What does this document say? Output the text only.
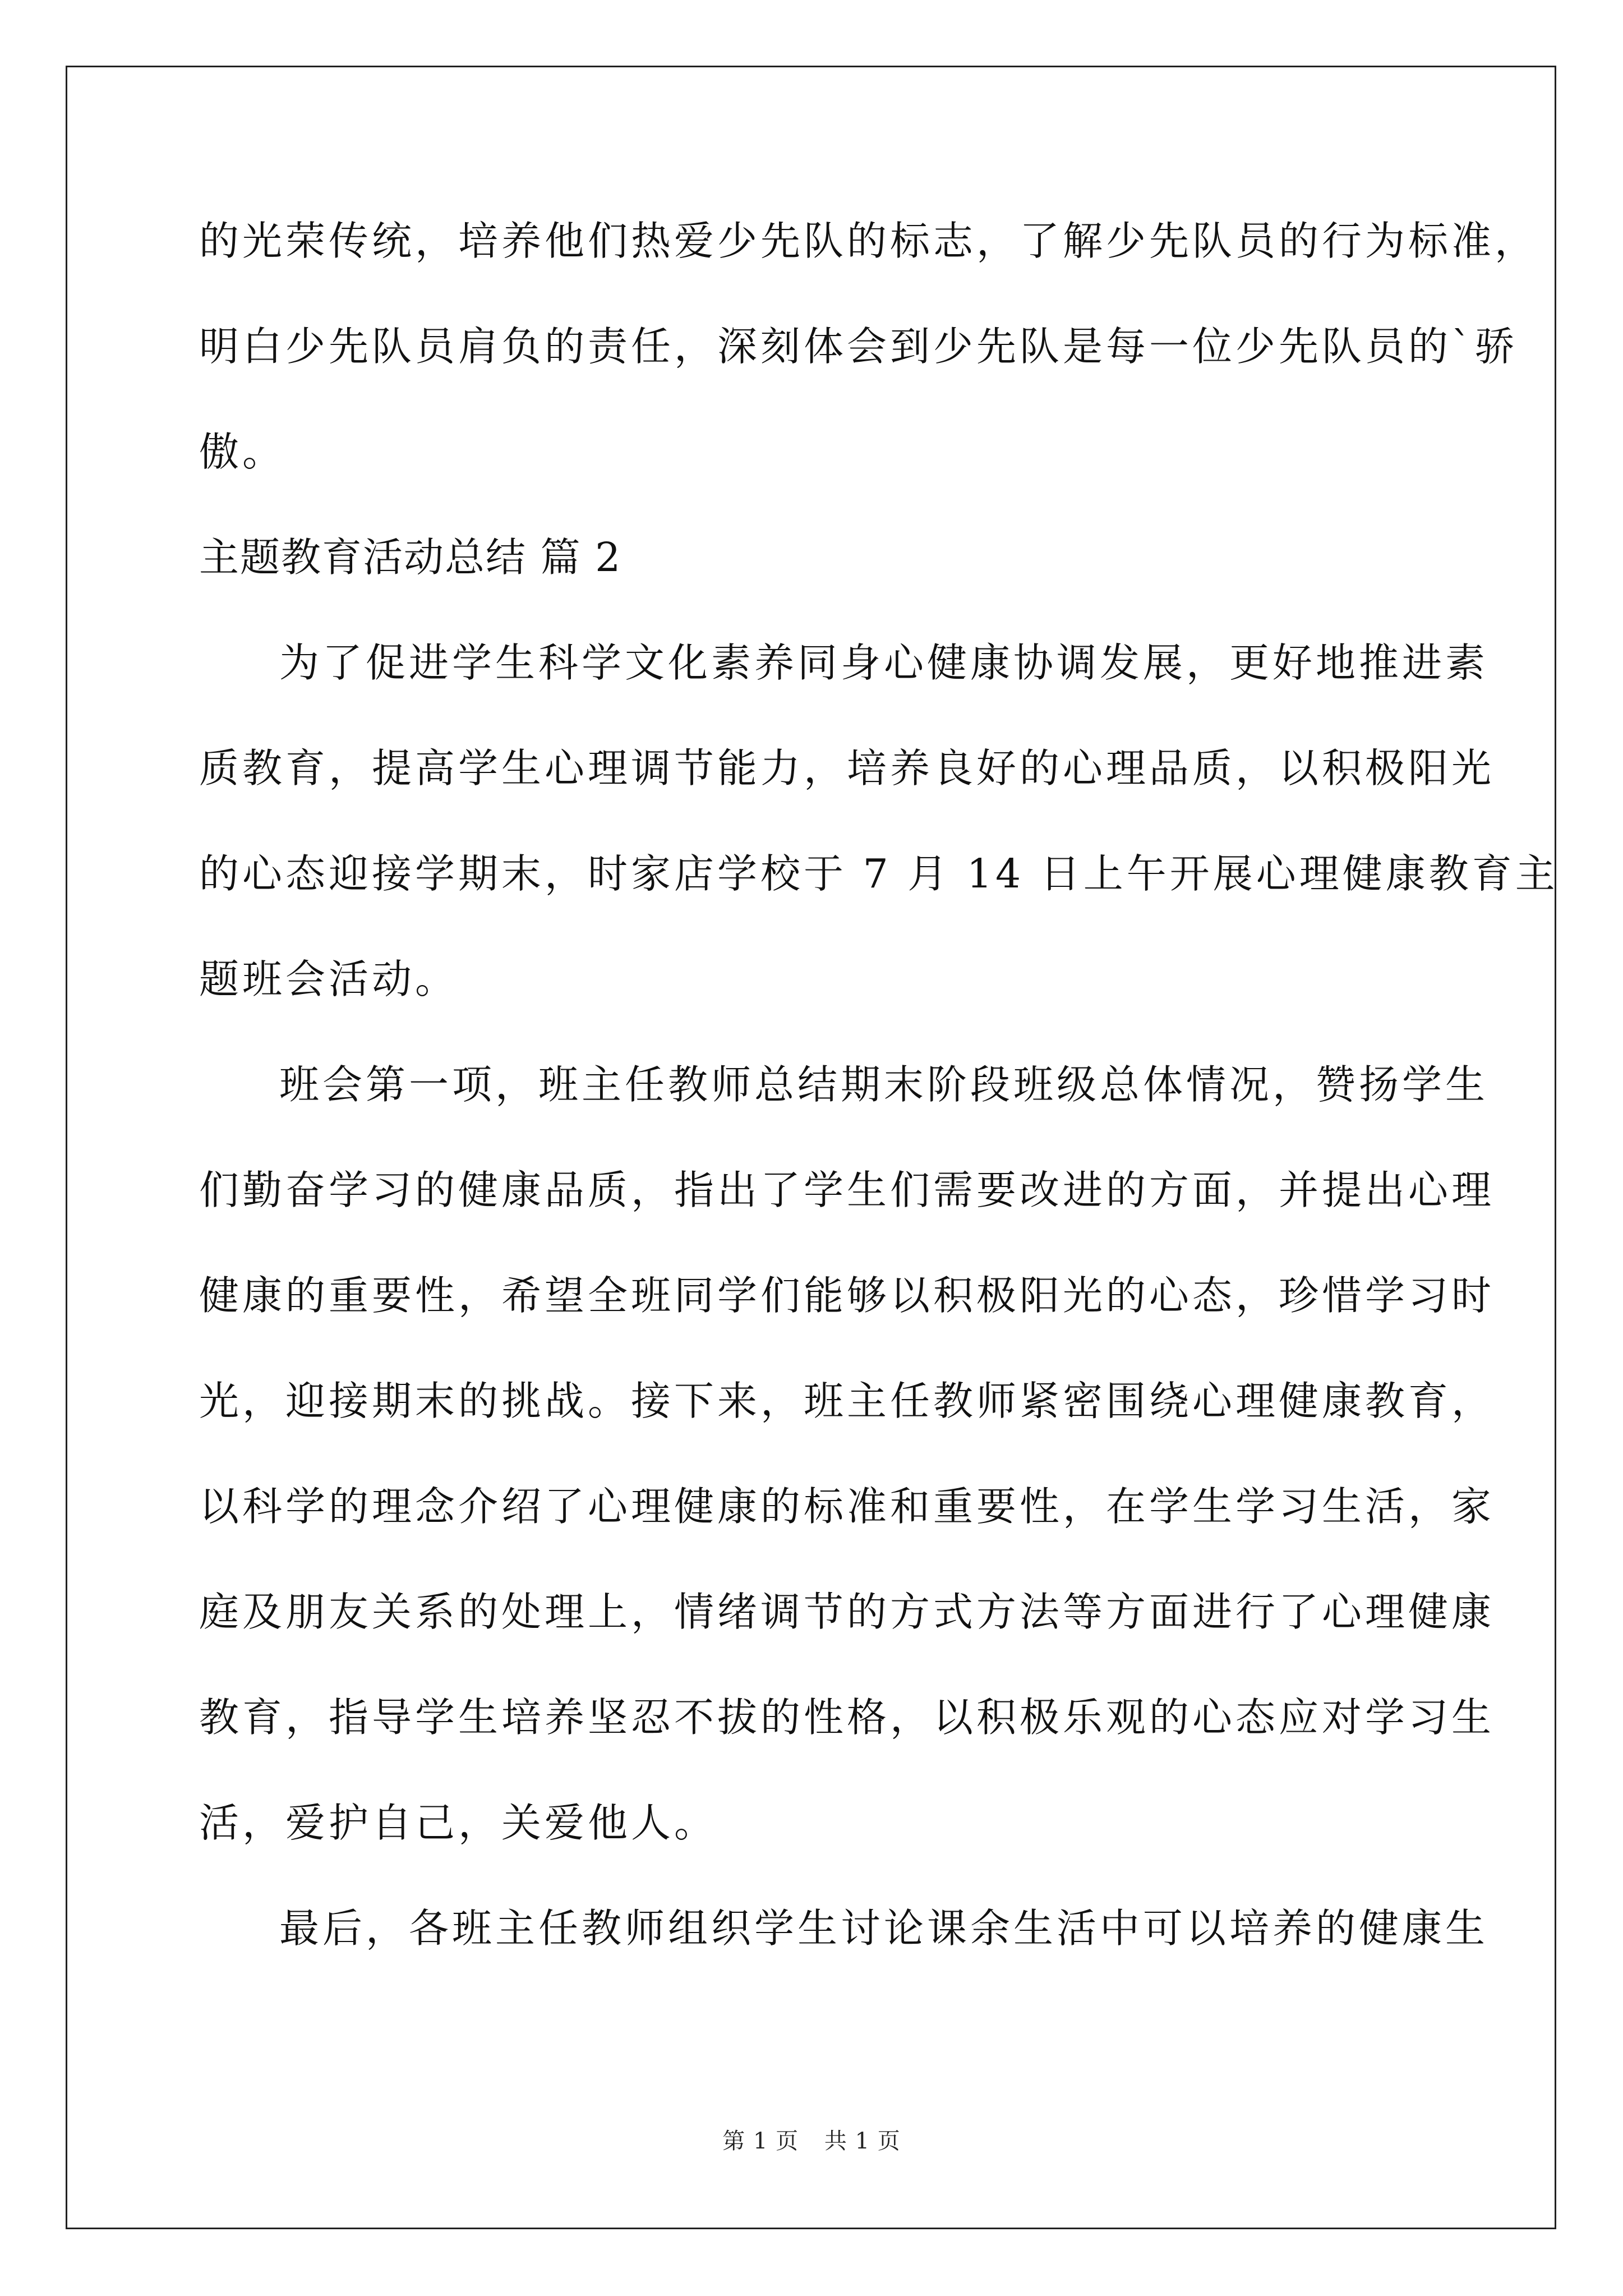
的光荣传统，培养他们热爱少先队的标志，了解少先队员的行为标准，
明白少先队员肩负的责任，深刻体会到少先队是每一位少先队员的`骄
傲。
主题教育活动总结 篇 2
为了促进学生科学文化素养同身心健康协调发展，更好地推进素
质教育，提高学生心理调节能力，培养良好的心理品质，以积极阳光
的心态迎接学期末，时家店学校于 7 月 14 日上午开展心理健康教育主
题班会活动。
班会第一项，班主任教师总结期末阶段班级总体情况，赞扬学生
们勤奋学习的健康品质，指出了学生们需要改进的方面，并提出心理
健康的重要性，希望全班同学们能够以积极阳光的心态，珍惜学习时
光，迎接期末的挑战。接下来，班主任教师紧密围绕心理健康教育，
以科学的理念介绍了心理健康的标准和重要性，在学生学习生活，家
庭及朋友关系的处理上，情绪调节的方式方法等方面进行了心理健康
教育，指导学生培养坚忍不拔的性格，以积极乐观的心态应对学习生
活，爱护自己，关爱他人。
最后，各班主任教师组织学生讨论课余生活中可以培养的健康生
第 1 页 共 1 页
